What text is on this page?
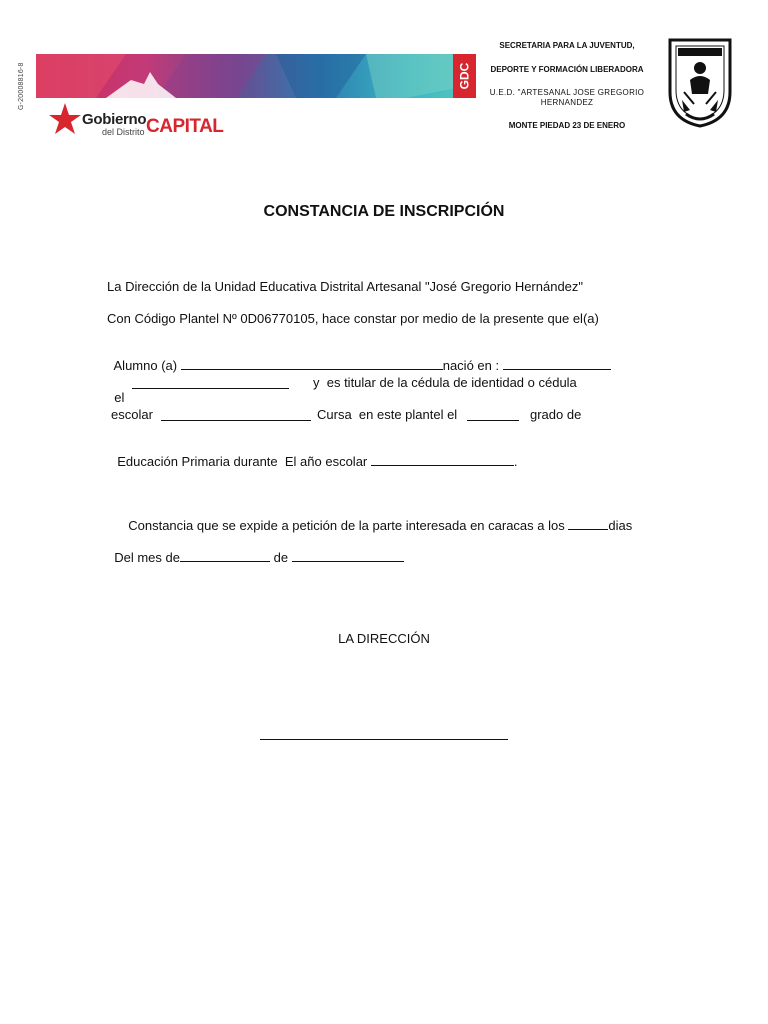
G-20008816-8	GDC
Gobierno
del Distrito CAPITAL
SECRETARIA PARA LA JUVENTUD,
DEPORTE Y FORMACIÓN LIBERADORA
U.E.D. "ARTESANAL JOSE GREGORIO
HERNANDEZ
MONTE PIEDAD 23 DE ENERO
CONSTANCIA DE INSCRIPCIÓN
La Dirección de la Unidad Educativa Distrital Artesanal "José Gregorio Hernández"
Con Código Plantel Nº 0D06770105, hace constar por medio de la presente que el(a)

Alumno (a)	nació en :

el

y  es titular de la cédula de identidad o cédula
escolar	Cursa  en este plantel el	grado de

Educación Primaria durante  El año escolar	.

Constancia que se expide a petición de la parte interesada en caracas a los	dias

Del mes de	de

LA DIRECCIÓN
